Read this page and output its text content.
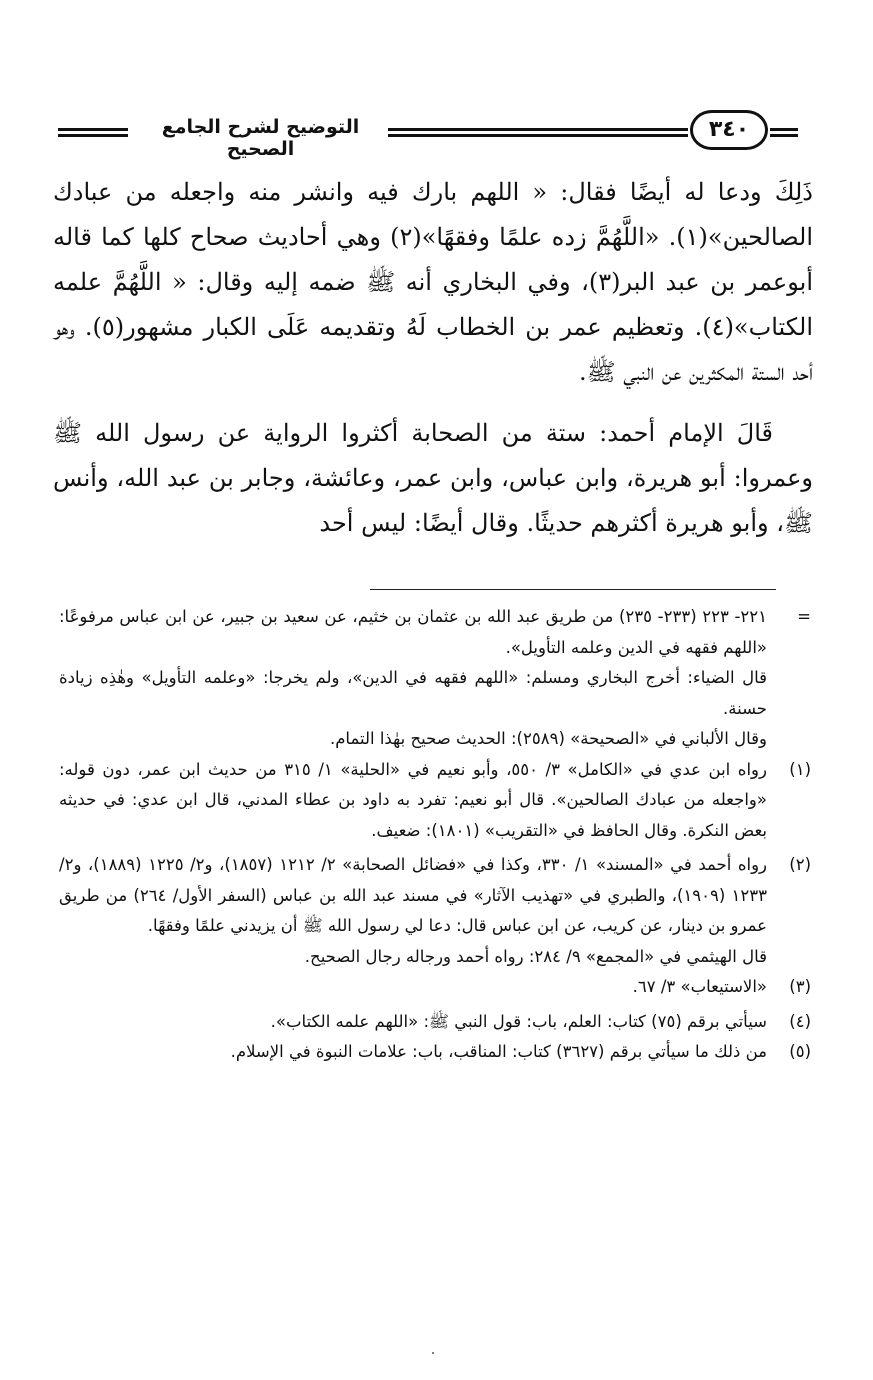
التوضيح لشرح الجامع الصحيح
٣٤٠

ذَلِكَ ودعا له أيضًا فقال: « اللهم بارك فيه وانشر منه واجعله من عبادك الصالحين»(١). «اللَّهُمَّ زده علمًا وفقهًا»(٢) وهي أحاديث صحاح كلها كما قاله أبوعمر بن عبد البر(٣)، وفي البخاري أنه ﷺ ضمه إليه وقال: « اللَّهُمَّ علمه الكتاب»(٤). وتعظيم عمر بن الخطاب لَهُ وتقديمه عَلَى الكبار مشهور(٥). وهو أحد الستة المكثرين عن النبي ﷺ.

قَالَ الإمام أحمد: ستة من الصحابة أكثروا الرواية عن رسول الله ﷺ وعمروا: أبو هريرة، وابن عباس، وابن عمر، وعائشة، وجابر بن عبد الله، وأنس ﷺ، وأبو هريرة أكثرهم حديثًا. وقال أيضًا: ليس أحد

=
٢٢١- ٢٢٣ (٢٣٣- ٢٣٥) من طريق عبد الله بن عثمان بن خثيم، عن سعيد بن جبير، عن ابن عباس مرفوعًا: «اللهم فقهه في الدين وعلمه التأويل».
قال الضياء: أخرج البخاري ومسلم: «اللهم فقهه في الدين»، ولم يخرجا: «وعلمه التأويل» وهٰذِه زيادة حسنة.
وقال الألباني في «الصحيحة» (٢٥٨٩): الحديث صحيح بهٰذا التمام.
(١)
رواه ابن عدي في «الكامل» ٣/ ٥٥٠، وأبو نعيم في «الحلية» ١/ ٣١٥ من حديث ابن عمر، دون قوله: «واجعله من عبادك الصالحين». قال أبو نعيم: تفرد به داود بن عطاء المدني، قال ابن عدي: في حديثه بعض النكرة. وقال الحافظ في «التقريب» (١٨٠١): ضعيف.
(٢)
رواه أحمد في «المسند» ١/ ٣٣٠، وكذا في «فضائل الصحابة» ٢/ ١٢١٢ (١٨٥٧)، و٢/ ١٢٢٥ (١٨٨٩)، و٢/ ١٢٣٣ (١٩٠٩)، والطبري في «تهذيب الآثار» في مسند عبد الله بن عباس (السفر الأول/ ٢٦٤) من طريق عمرو بن دينار، عن كريب، عن ابن عباس قال: دعا لي رسول الله ﷺ أن يزيدني علمًا وفقهًا.
قال الهيثمي في «المجمع» ٩/ ٢٨٤: رواه أحمد ورجاله رجال الصحيح.
(٣)
«الاستيعاب» ٣/ ٦٧.
(٤)
سيأتي برقم (٧٥) كتاب: العلم، باب: قول النبي ﷺ: «اللهم علمه الكتاب».
(٥)
من ذلك ما سيأتي برقم (٣٦٢٧) كتاب: المناقب، باب: علامات النبوة في الإسلام.
